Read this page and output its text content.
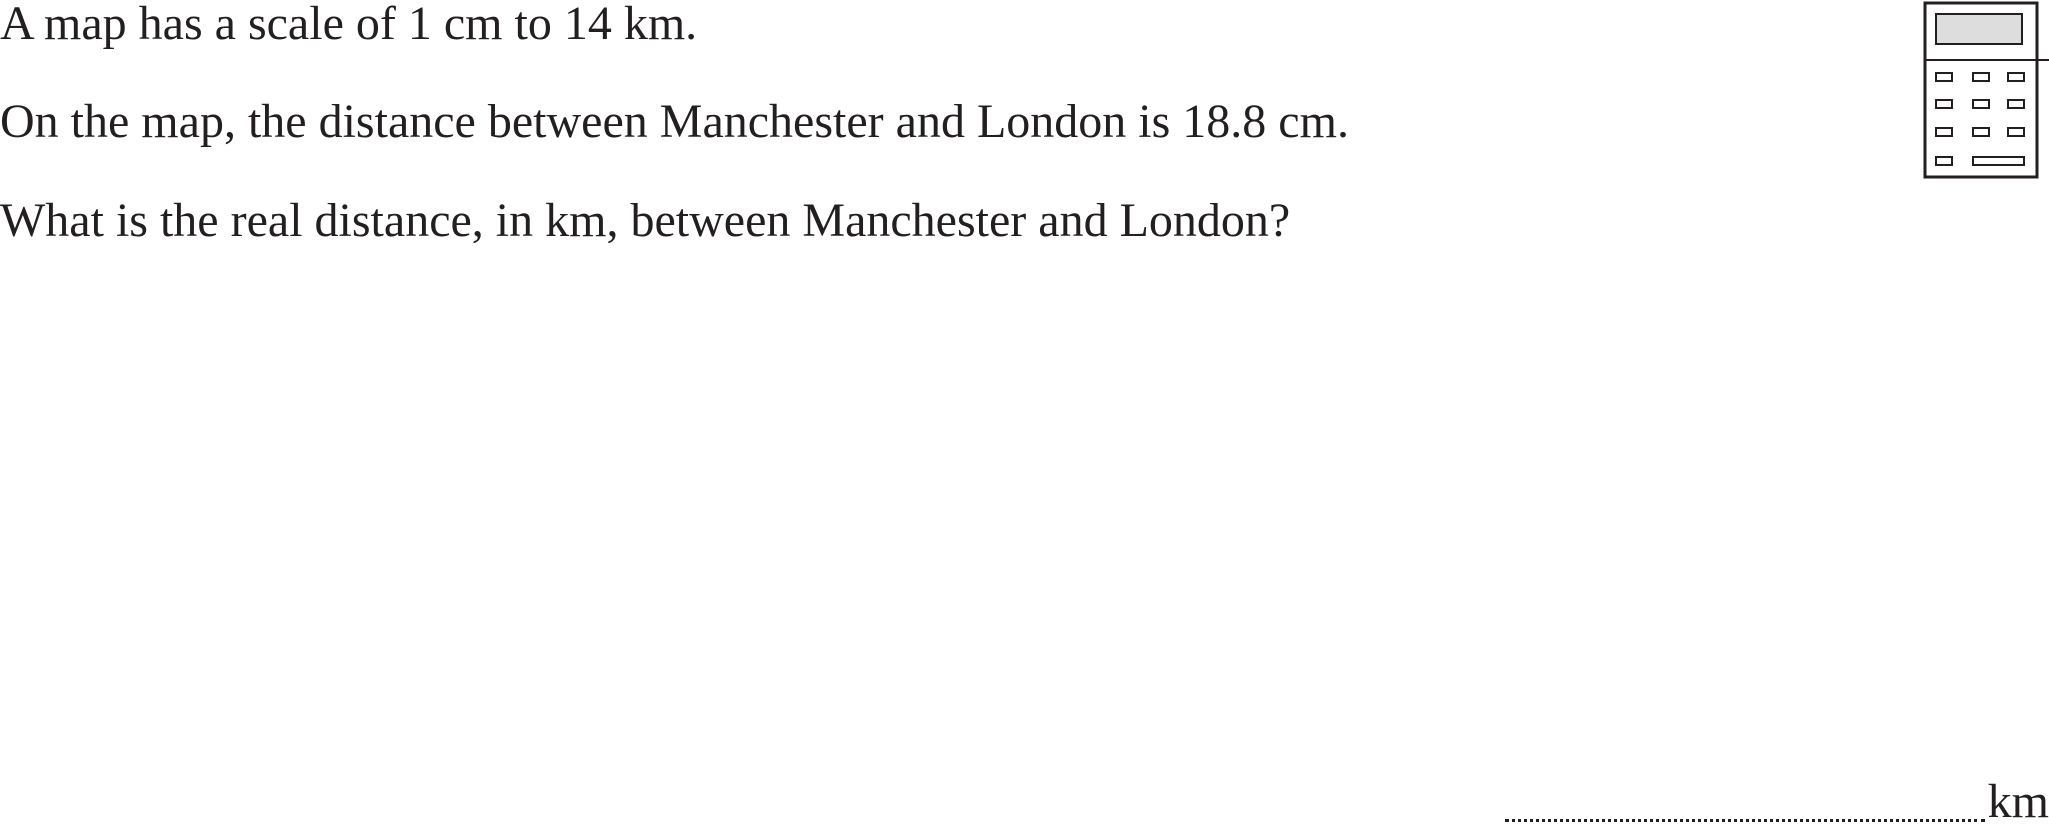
A map has a scale of 1 cm to 14 km.

On the map, the distance between Manchester and London is 18.8 cm.

What is the real distance, in km, between Manchester and London?

km
